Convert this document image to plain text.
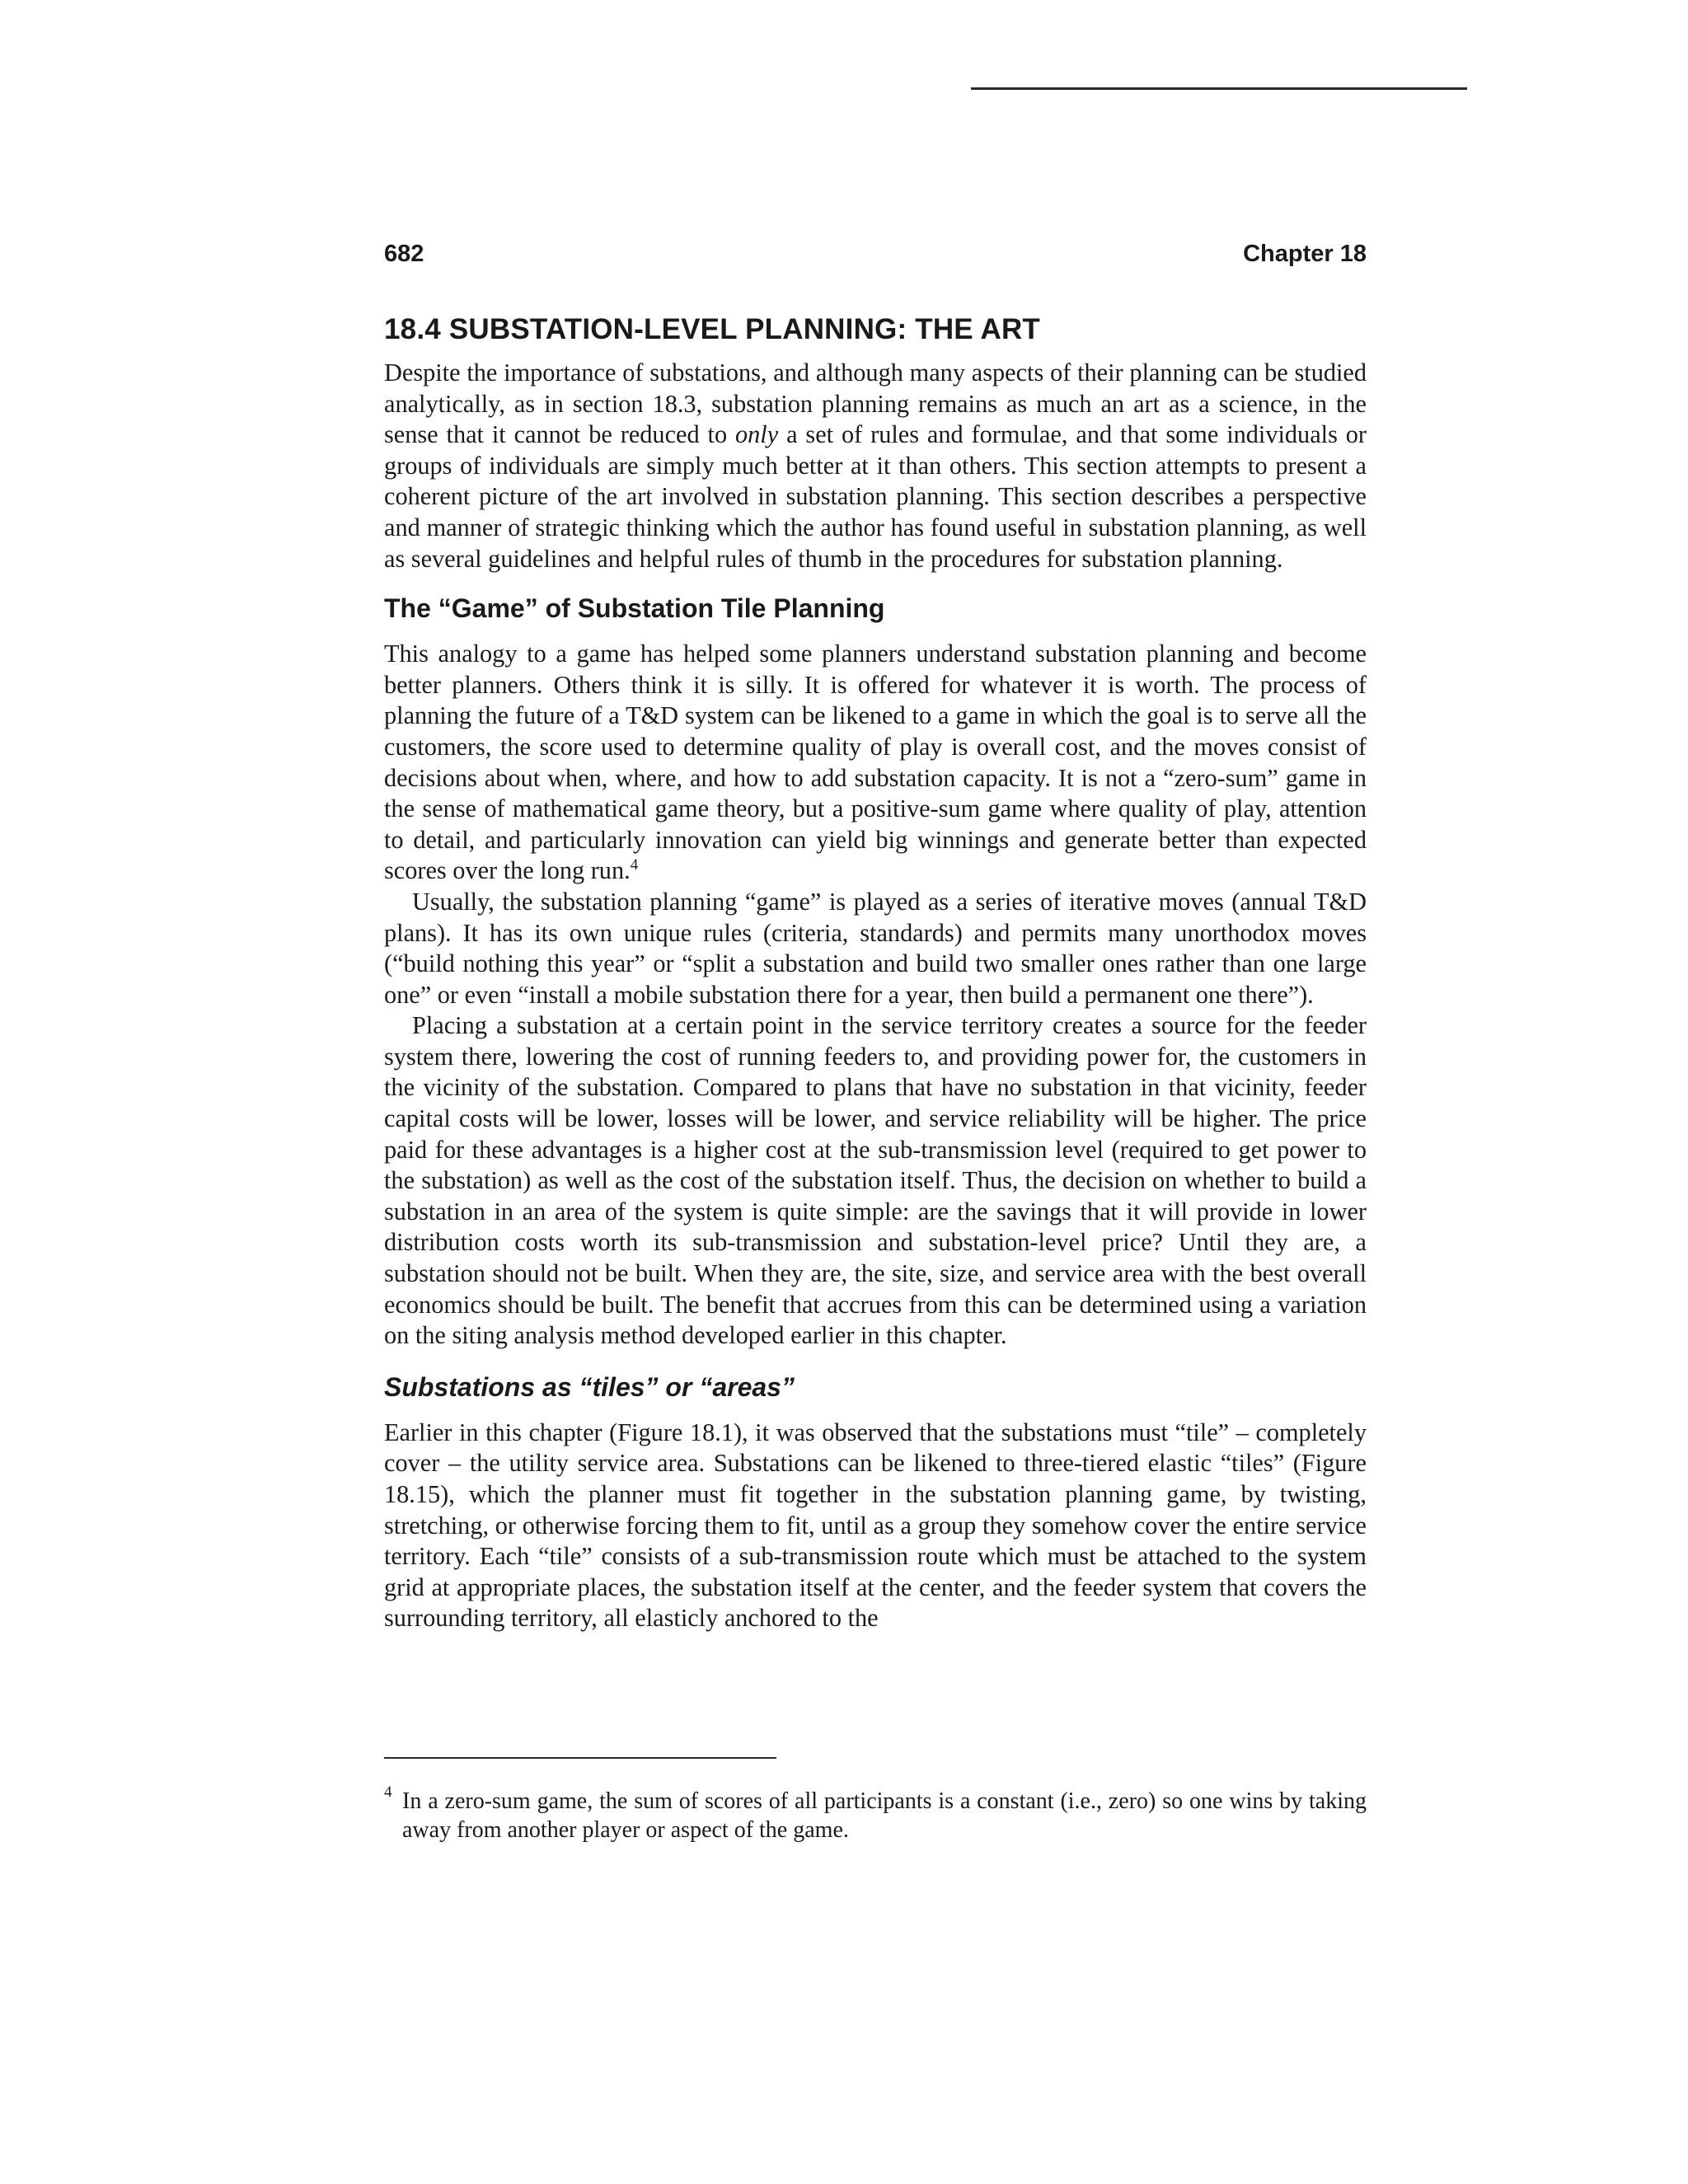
682	Chapter 18
18.4 SUBSTATION-LEVEL PLANNING: THE ART

Despite the importance of substations, and although many aspects of their planning can be studied analytically, as in section 18.3, substation planning remains as much an art as a science, in the sense that it cannot be reduced to only a set of rules and formulae, and that some individuals or groups of individuals are simply much better at it than others. This section attempts to present a coherent picture of the art involved in substation planning. This section describes a perspective and manner of strategic thinking which the author has found useful in substation planning, as well as several guidelines and helpful rules of thumb in the procedures for substation planning.

The “Game” of Substation Tile Planning

This analogy to a game has helped some planners understand substation planning and become better planners. Others think it is silly. It is offered for whatever it is worth. The process of planning the future of a T&D system can be likened to a game in which the goal is to serve all the customers, the score used to determine quality of play is overall cost, and the moves consist of decisions about when, where, and how to add substation capacity. It is not a “zero-sum” game in the sense of mathematical game theory, but a positive-sum game where quality of play, attention to detail, and particularly innovation can yield big winnings and generate better than expected scores over the long run.$^4$

Usually, the substation planning “game” is played as a series of iterative moves (annual T&D plans). It has its own unique rules (criteria, standards) and permits many unorthodox moves (“build nothing this year” or “split a substation and build two smaller ones rather than one large one” or even “install a mobile substation there for a year, then build a permanent one there”).

Placing a substation at a certain point in the service territory creates a source for the feeder system there, lowering the cost of running feeders to, and providing power for, the customers in the vicinity of the substation. Compared to plans that have no substation in that vicinity, feeder capital costs will be lower, losses will be lower, and service reliability will be higher. The price paid for these advantages is a higher cost at the sub-transmission level (required to get power to the substation) as well as the cost of the substation itself. Thus, the decision on whether to build a substation in an area of the system is quite simple: are the savings that it will provide in lower distribution costs worth its sub-transmission and substation-level price? Until they are, a substation should not be built. When they are, the site, size, and service area with the best overall economics should be built. The benefit that accrues from this can be determined using a variation on the siting analysis method developed earlier in this chapter.

Substations as “tiles” or “areas”

Earlier in this chapter (Figure 18.1), it was observed that the substations must “tile” – completely cover – the utility service area. Substations can be likened to three-tiered elastic “tiles” (Figure 18.15), which the planner must fit together in the substation planning game, by twisting, stretching, or otherwise forcing them to fit, until as a group they somehow cover the entire service territory. Each “tile” consists of a sub-transmission route which must be attached to the system grid at appropriate places, the substation itself at the center, and the feeder system that covers the surrounding territory, all elasticly anchored to the

4 In a zero-sum game, the sum of scores of all participants is a constant (i.e., zero) so one wins by taking away from another player or aspect of the game.
